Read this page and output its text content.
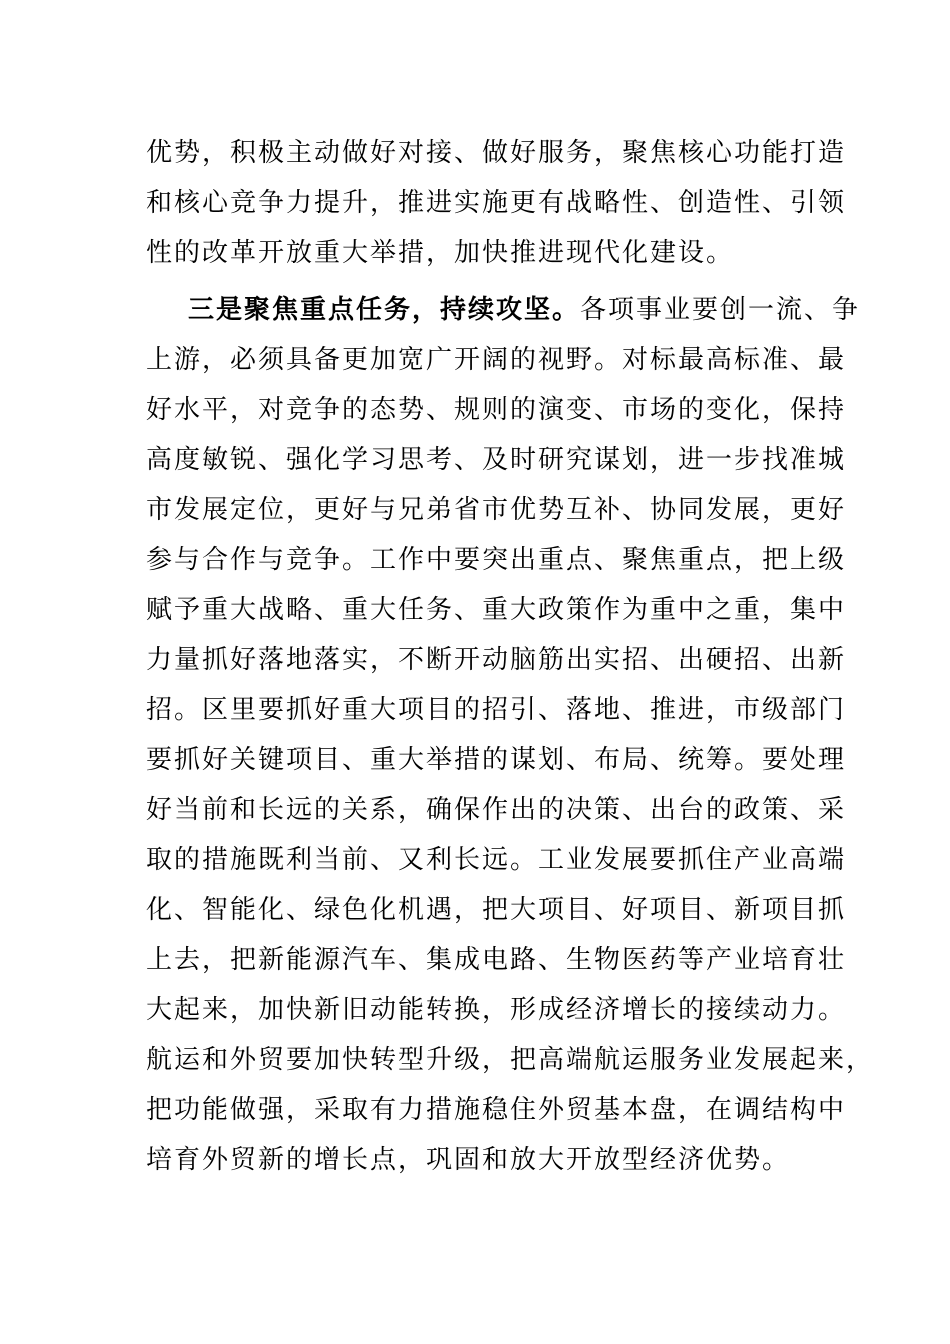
优势，积极主动做好对接、做好服务，聚焦核心功能打造
和核心竞争力提升，推进实施更有战略性、创造性、引领
性的改革开放重大举措，加快推进现代化建设。
三是聚焦重点任务，持续攻坚。各项事业要创一流、争
上游，必须具备更加宽广开阔的视野。对标最高标准、最
好水平，对竞争的态势、规则的演变、市场的变化，保持
高度敏锐、强化学习思考、及时研究谋划，进一步找准城
市发展定位，更好与兄弟省市优势互补、协同发展，更好
参与合作与竞争。工作中要突出重点、聚焦重点，把上级
赋予重大战略、重大任务、重大政策作为重中之重，集中
力量抓好落地落实，不断开动脑筋出实招、出硬招、出新
招。区里要抓好重大项目的招引、落地、推进，市级部门
要抓好关键项目、重大举措的谋划、布局、统筹。要处理
好当前和长远的关系，确保作出的决策、出台的政策、采
取的措施既利当前、又利长远。工业发展要抓住产业高端
化、智能化、绿色化机遇，把大项目、好项目、新项目抓
上去，把新能源汽车、集成电路、生物医药等产业培育壮
大起来，加快新旧动能转换，形成经济增长的接续动力。
航运和外贸要加快转型升级，把高端航运服务业发展起来，
把功能做强，采取有力措施稳住外贸基本盘，在调结构中
培育外贸新的增长点，巩固和放大开放型经济优势。
